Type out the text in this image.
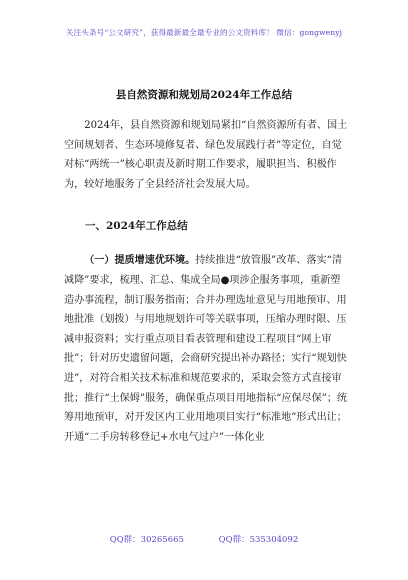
关注头条号“公文研究”，获得最新最全最专业的公文资料库！ 微信：gongwenyj
县自然资源和规划局2024年工作总结

2024年，县自然资源和规划局紧扣“自然资源所有者、国土空间规划者、生态环境修复者、绿色发展践行者”等定位，自觉对标“两统一”核心职责及新时期工作要求，履职担当、积极作为，较好地服务了全县经济社会发展大局。

一、2024年工作总结

（一）提质增速优环境。持续推进“放管服”改革、落实“清减降”要求，梳理、汇总、集成全局●项涉企服务事项，重新塑造办事流程，制订服务指南；合并办理选址意见与用地预审、用地批准（划拨）与用地规划许可等关联事项，压缩办理时限、压减申报资料；实行重点项目看表管理和建设工程项目“网上审批”；针对历史遗留问题，会商研究提出补办路径；实行“规划快进”，对符合相关技术标准和规范要求的，采取会签方式直接审批；推行“土保姆”服务，确保重点项目用地指标“应保尽保”；统筹用地预审，对开发区内工业用地项目实行“标准地”形式出让；开通“二手房转移登记+水电气过户”一体化业

QQ群：30265665	QQ群：535304092
